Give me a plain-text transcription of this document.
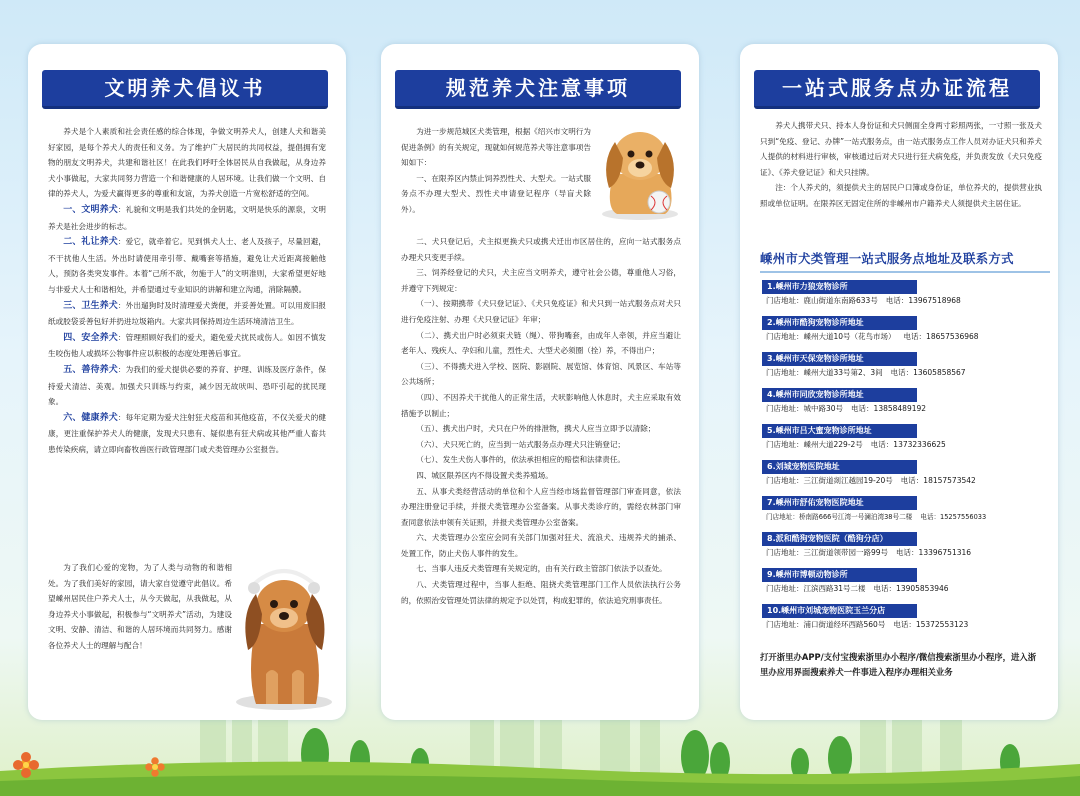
文明养犬倡议书

养犬是个人素质和社会责任感的综合体现，争做文明养犬人，创建人犬和谐美好家园，是每个养犬人的责任和义务。为了维护广大居民的共同权益，提倡拥有宠物的朋友文明养犬，共建和谐社区！在此我们呼吁全体居民从自我做起，从身边养犬小事做起，大家共同努力营造一个和谐健康的人居环境。让我们做一个文明、自律的养犬人，为爱犬赢得更多的尊重和友谊，为养犬创造一片宽松舒适的空间。

一、文明养犬：礼貌和文明是我们共处的金钥匙，文明是快乐的源泉，文明养犬是社会进步的标志。

二、礼让养犬：爱它，就牵着它。见到惧犬人士、老人及孩子，尽量回避，不干扰他人生活。外出时请使用牵引带、戴嘴套等措施，避免让犬近距离接触他人，预防各类突发事件。本着“己所不欲，勿施于人”的文明准则，大家希望更好地与非爱犬人士和谐相处，并希望通过专业知识的讲解和建立沟通，消除隔膜。

三、卫生养犬：外出遛狗时及时清理爱犬粪便，并妥善处置。可以用废旧报纸或胶袋妥善包好并扔进垃圾箱内。大家共同保持周边生活环境清洁卫生。

四、安全养犬：管理照顾好我们的爱犬，避免爱犬扰民或伤人。如因不慎发生咬伤他人或损坏公物事件应以积极的态度处理善后事宜。

五、善待养犬：为我们的爱犬提供必要的养育、护理、训练及医疗条件，保持爱犬清洁、美观。加强犬只训练与约束，减少因无故吠叫、恐吓引起的扰民现象。

六、健康养犬：每年定期为爱犬注射狂犬疫苗和其他疫苗，不仅关爱犬的健康，更注重保护养犬人的健康，发现犬只患有、疑似患有狂犬病或其他严重人畜共患传染疾病，请立即向畜牧兽医行政管理部门或犬类管理办公室报告。

为了我们心爱的宠物，为了人类与动物的和谐相处。为了我们美好的家园，请大家自觉遵守此倡议。希望嵊州居民住户养犬人士，从今天做起，从我做起，从身边养犬小事做起，积极参与“文明养犬”活动，为建设文明、安静、清洁、和谐的人居环境而共同努力。感谢各位养犬人士的理解与配合！

规范养犬注意事项

为进一步规范城区犬类管理，根据《绍兴市文明行为促进条例》的有关规定，现就如何规范养犬等注意事项告知如下：

一、在限养区内禁止饲养烈性犬、大型犬。一站式服务点不办理大型犬、烈性犬申请登记程序（导盲犬除外）。

二、犬只登记后，犬主拟更换犬只或携犬迁出市区居住的，应向一站式服务点办理犬只变更手续。

三、饲养经登记的犬只，犬主应当文明养犬，遵守社会公德，尊重他人习俗，并遵守下列规定：

（一）、按期携带《犬只登记证》、《犬只免疫证》和犬只到一站式服务点对犬只进行免疫注射、办理《犬只登记证》年审；

（二）、携犬出户时必须束犬链（绳）、带狗嘴套，由成年人牵领，并应当避让老年人、残疾人、孕妇和儿童，烈性犬、大型犬必须圈（拴）养，不得出户；

（三）、不得携犬进入学校、医院、影剧院、展览馆、体育馆、风景区、车站等公共场所；

（四）、不因养犬干扰他人的正常生活，犬吠影响他人休息时，犬主应采取有效措施予以制止；

（五）、携犬出户时，犬只在户外的排泄物，携犬人应当立即予以清除；

（六）、犬只死亡的，应当到一站式服务点办理犬只注销登记；

（七）、发生犬伤人事件的，依法承担相应的赔偿和法律责任。

四、城区限养区内不得设置犬类养殖场。

五、从事犬类经营活动的单位和个人应当经市场监督管理部门审查同意，依法办理注册登记手续，并报犬类管理办公室备案。从事犬类诊疗的，需经农林部门审查同意依法申领有关证照，并报犬类管理办公室备案。

六、犬类管理办公室应会同有关部门加强对狂犬、流浪犬、违规养犬的捕杀、处置工作，防止犬伤人事件的发生。

七、当事人违反犬类管理有关规定的，由有关行政主管部门依法予以查处。

八、犬类管理过程中，当事人拒绝、阻挠犬类管理部门工作人员依法执行公务的，依照治安管理处罚法律的规定予以处罚，构成犯罪的，依法追究刑事责任。

一站式服务点办证流程

养犬人携带犬只、持本人身份证和犬只侧面全身两寸彩照两张，一寸照一张及犬只到“免疫、登记、办牌”一站式服务点，由一站式服务点工作人员对办证犬只和养犬人提供的材料进行审核，审核通过后对犬只进行狂犬病免疫，并负责发放《犬只免疫证》、《养犬登记证》和犬只挂牌。

注：个人养犬的，须提供犬主的居民户口簿或身份证，单位养犬的，提供营业执照或单位证明。在限养区无固定住所的非嵊州市户籍养犬人须提供犬主居住证。

嵊州市犬类管理一站式服务点地址及联系方式
1.嵊州市力狼宠物诊所
门店地址：鹿山街道东南路633号 电话：13967518968
2.嵊州市酷狗宠物诊所地址
门店地址：嵊州大道10号（花鸟市场） 电话：18657536968
3.嵊州市天保宠物诊所地址
门店地址：嵊州大道33号第2、3间 电话：13605858567
4.嵊州市同欣宠物诊所地址
门店地址：城中路30号 电话：13858489192
5.嵊州市吕大蜜宠物诊所地址
门店地址：嵊州大道229-2号 电话：13732336625
6.刘城宠物医院地址
门店地址：三江街道剡江越园19-20号 电话：18157573542
7.嵊州市舒佑宠物医院地址
门店地址：桥南路666号江湾一号澜泊湾38号二楼 电话：15257556033
8.派和酷狗宠物医院（酷狗分店）
门店地址：三江街道领带园一路99号 电话：13396751316
9.嵊州市博顿动物诊所
门店地址：江滨西路31号二楼 电话：13905853946
10.嵊州市刘城宠物医院玉兰分店
门店地址：浦口街道经环西路560号 电话：15372553123
打开浙里办APP/支付宝搜索浙里办小程序/微信搜索浙里办小程序，进入浙里办应用界面搜索养犬一件事进入程序办理相关业务
